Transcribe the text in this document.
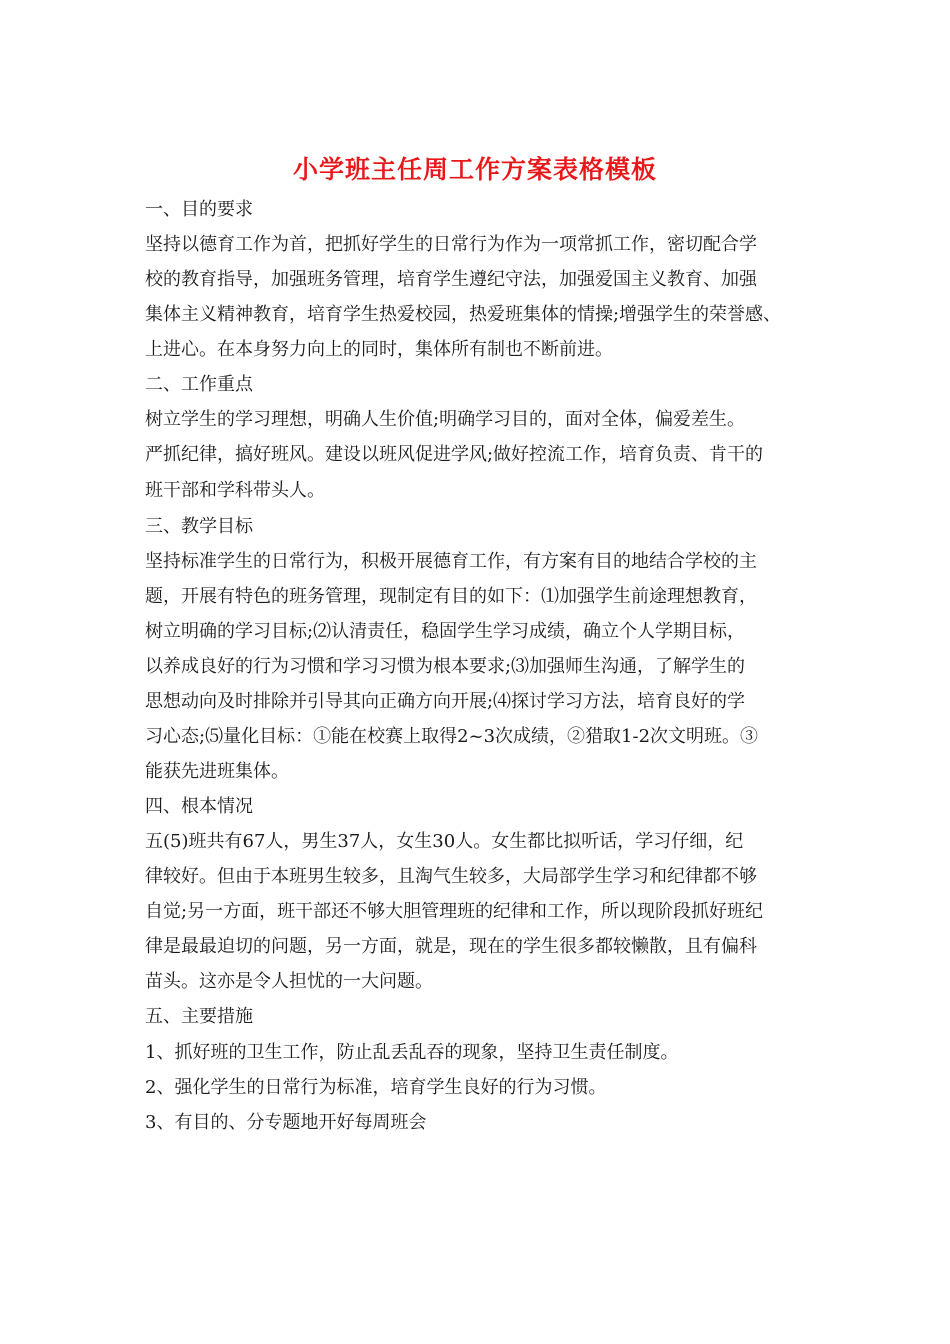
小学班主任周工作方案表格模板
一、目的要求
坚持以德育工作为首，把抓好学生的日常行为作为一项常抓工作，密切配合学
校的教育指导，加强班务管理，培育学生遵纪守法，加强爱国主义教育、加强
集体主义精神教育，培育学生热爱校园，热爱班集体的情操;增强学生的荣誉感、
上进心。在本身努力向上的同时，集体所有制也不断前进。
二、工作重点
树立学生的学习理想，明确人生价值;明确学习目的，面对全体，偏爱差生。
严抓纪律，搞好班风。建设以班风促进学风;做好控流工作，培育负责、肯干的
班干部和学科带头人。
三、教学目标
坚持标准学生的日常行为，积极开展德育工作，有方案有目的地结合学校的主
题，开展有特色的班务管理，现制定有目的如下：⑴加强学生前途理想教育，
树立明确的学习目标;⑵认清责任，稳固学生学习成绩，确立个人学期目标，
以养成良好的行为习惯和学习习惯为根本要求;⑶加强师生沟通，了解学生的
思想动向及时排除并引导其向正确方向开展;⑷探讨学习方法，培育良好的学
习心态;⑸量化目标：①能在校赛上取得2~3次成绩，②猎取1-2次文明班。③
能获先进班集体。
四、根本情况
五(5)班共有67人，男生37人，女生30人。女生都比拟听话，学习仔细，纪
律较好。但由于本班男生较多，且淘气生较多，大局部学生学习和纪律都不够
自觉;另一方面，班干部还不够大胆管理班的纪律和工作，所以现阶段抓好班纪
律是最最迫切的问题，另一方面，就是，现在的学生很多都较懒散，且有偏科
苗头。这亦是令人担忧的一大问题。
五、主要措施
1、抓好班的卫生工作，防止乱丢乱吞的现象，坚持卫生责任制度。
2、强化学生的日常行为标准，培育学生良好的行为习惯。
3、有目的、分专题地开好每周班会
